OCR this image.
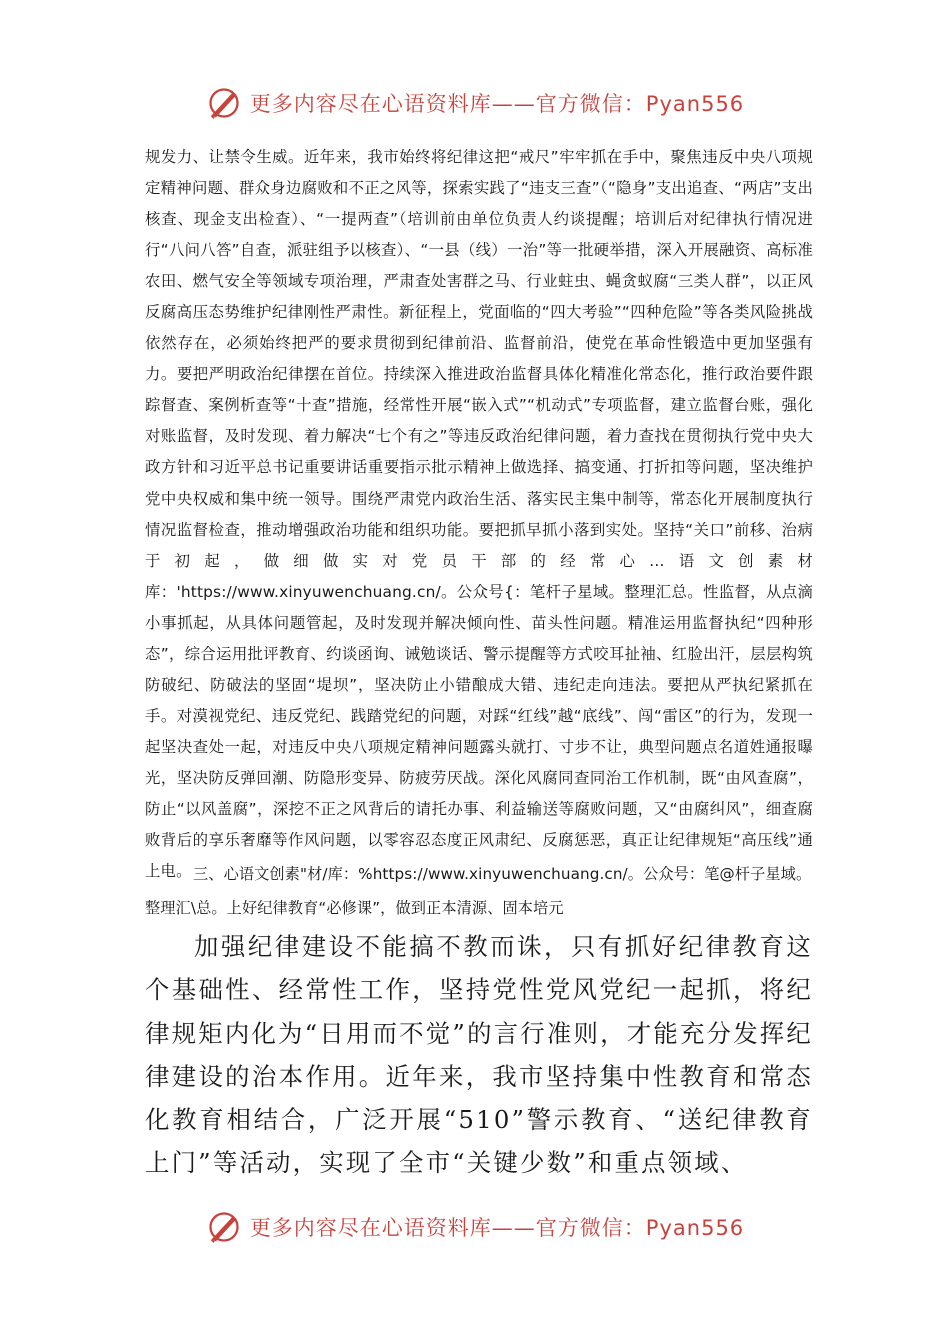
更多内容尽在心语资料库——官方微信：Pyan556

规发力、让禁令生威。近年来，我市始终将纪律这把“戒尺”牢牢抓在手中，聚焦违反中央八项规定精神问题、群众身边腐败和不正之风等，探索实践了“违支三查”（“隐身”支出追查、“两店”支出核查、现金支出检查）、“一提两查”（培训前由单位负责人约谈提醒；培训后对纪律执行情况进行“八问八答”自查，派驻组予以核查）、“一县（线）一治”等一批硬举措，深入开展融资、高标准农田、燃气安全等领域专项治理，严肃查处害群之马、行业蛀虫、蝇贪蚁腐“三类人群”，以正风反腐高压态势维护纪律刚性严肃性。新征程上，党面临的“四大考验”“四种危险”等各类风险挑战依然存在，必须始终把严的要求贯彻到纪律前沿、监督前沿，使党在革命性锻造中更加坚强有力。要把严明政治纪律摆在首位。持续深入推进政治监督具体化精准化常态化，推行政治要件跟踪督查、案例析查等“十查”措施，经常性开展“嵌入式”“机动式”专项监督，建立监督台账，强化对账监督，及时发现、着力解决“七个有之”等违反政治纪律问题，着力查找在贯彻执行党中央大政方针和习近平总书记重要讲话重要指示批示精神上做选择、搞变通、打折扣等问题，坚决维护党中央权威和集中统一领导。围绕严肃党内政治生活、落实民主集中制等，常态化开展制度执行情况监督检查，推动增强政治功能和组织功能。要把抓早抓小落到实处。坚持“关口”前移、治病于初起，做细做实对党员干部的经常心…语文创素材库：'https://www.xinyuwenchuang.cn/。公众号{：笔杆子星域。整理汇总。性监督，从点滴小事抓起，从具体问题管起，及时发现并解决倾向性、苗头性问题。精准运用监督执纪“四种形态”，综合运用批评教育、约谈函询、诫勉谈话、警示提醒等方式咬耳扯袖、红脸出汗，层层构筑防破纪、防破法的坚固“堤坝”，坚决防止小错酿成大错、违纪走向违法。要把从严执纪紧抓在手。对漠视党纪、违反党纪、践踏党纪的问题，对踩“红线”越“底线”、闯“雷区”的行为，发现一起坚决查处一起，对违反中央八项规定精神问题露头就打、寸步不让，典型问题点名道姓通报曝光，坚决防反弹回潮、防隐形变异、防疲劳厌战。深化风腐同查同治工作机制，既“由风查腐”，防止“以风盖腐”，深挖不正之风背后的请托办事、利益输送等腐败问题，又“由腐纠风”，细查腐败背后的享乐奢靡等作风问题，以零容忍态度正风肃纪、反腐惩恶，真正让纪律规矩“高压线”通上电。 三、心语文创素"材/库：%https://www.xinyuwenchuang.cn/。公众号：笔@杆子星域。整理汇\总。上好纪律教育“必修课”，做到正本清源、固本培元

加强纪律建设不能搞不教而诛，只有抓好纪律教育这个基础性、经常性工作，坚持党性党风党纪一起抓，将纪律规矩内化为“日用而不觉”的言行准则，才能充分发挥纪律建设的治本作用。近年来，我市坚持集中性教育和常态化教育相结合，广泛开展“510”警示教育、“送纪律教育上门”等活动，实现了全市“关键少数”和重点领域、

更多内容尽在心语资料库——官方微信：Pyan556
